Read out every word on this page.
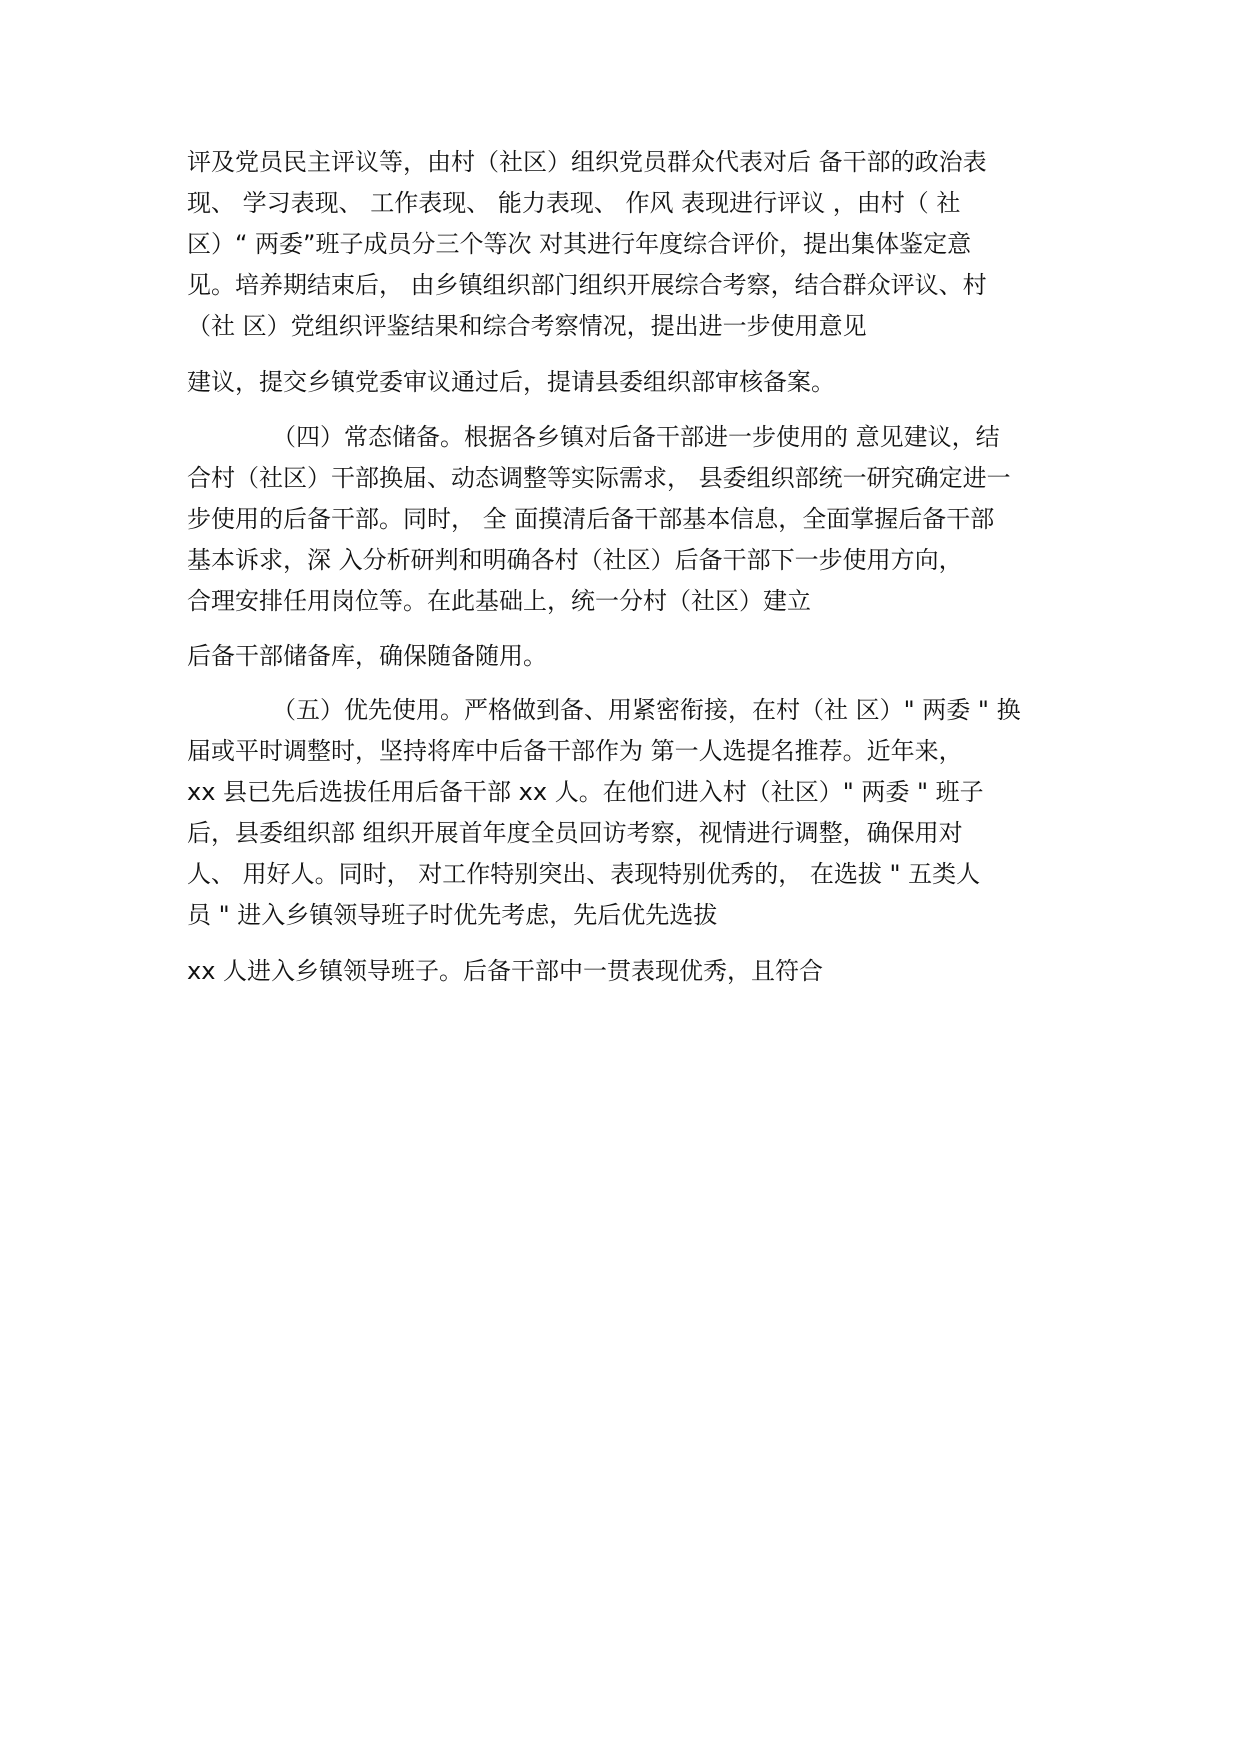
评及党员民主评议等，由村（社区）组织党员群众代表对后 备干部的政治表
现、 学习表现、 工作表现、 能力表现、 作风 表现进行评议 ，由村（ 社
区）“ 两委”班子成员分三个等次 对其进行年度综合评价，提出集体鉴定意
见。培养期结束后， 由乡镇组织部门组织开展综合考察，结合群众评议、村
（社 区）党组织评鉴结果和综合考察情况，提出进一步使用意见
建议，提交乡镇党委审议通过后，提请县委组织部审核备案。
（四）常态储备。根据各乡镇对后备干部进一步使用的 意见建议，结
合村（社区）干部换届、动态调整等实际需求， 县委组织部统一研究确定进一
步使用的后备干部。同时， 全 面摸清后备干部基本信息，全面掌握后备干部
基本诉求，深 入分析研判和明确各村（社区）后备干部下一步使用方向，
合理安排任用岗位等。在此基础上，统一分村（社区）建立
后备干部储备库，确保随备随用。
（五）优先使用。严格做到备、用紧密衔接，在村（社 区）" 两委 " 换
届或平时调整时，坚持将库中后备干部作为 第一人选提名推荐。近年来，
xx 县已先后选拔任用后备干部 xx 人。在他们进入村（社区）" 两委 " 班子
后，县委组织部 组织开展首年度全员回访考察，视情进行调整，确保用对
人、 用好人。同时， 对工作特别突出、表现特别优秀的， 在选拔 " 五类人
员 " 进入乡镇领导班子时优先考虑，先后优先选拔
xx 人进入乡镇领导班子。后备干部中一贯表现优秀，且符合
